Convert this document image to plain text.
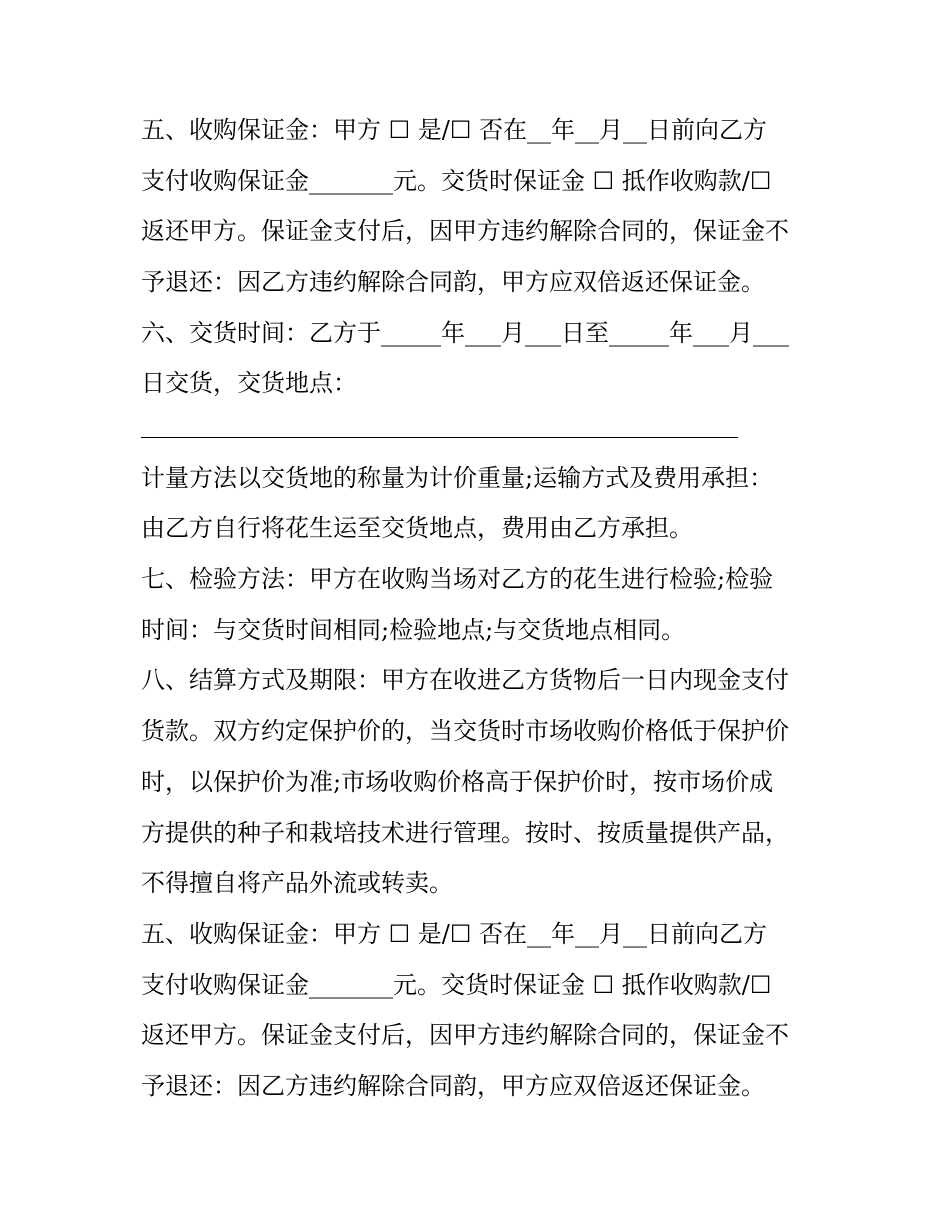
五、收购保证金：甲方 ☐ 是/☐ 否在__年__月__日前向乙方
支付收购保证金_______元。交货时保证金 ☐ 抵作收购款/☐
返还甲方。保证金支付后，因甲方违约解除合同的，保证金不
予退还：因乙方违约解除合同韵，甲方应双倍返还保证金。
六、交货时间：乙方于_____年___月___日至_____年___月___
日交货，交货地点：
计量方法以交货地的称量为计价重量;运输方式及费用承担：
由乙方自行将花生运至交货地点，费用由乙方承担。
七、检验方法：甲方在收购当场对乙方的花生进行检验;检验
时间：与交货时间相同;检验地点;与交货地点相同。
八、结算方式及期限：甲方在收进乙方货物后一日内现金支付
货款。双方约定保护价的，当交货时市场收购价格低于保护价
时，以保护价为准;市场收购价格高于保护价时，按市场价成
方提供的种子和栽培技术进行管理。按时、按质量提供产品，
不得擅自将产品外流或转卖。
五、收购保证金：甲方 ☐ 是/☐ 否在__年__月__日前向乙方
支付收购保证金_______元。交货时保证金 ☐ 抵作收购款/☐
返还甲方。保证金支付后，因甲方违约解除合同的，保证金不
予退还：因乙方违约解除合同韵，甲方应双倍返还保证金。
